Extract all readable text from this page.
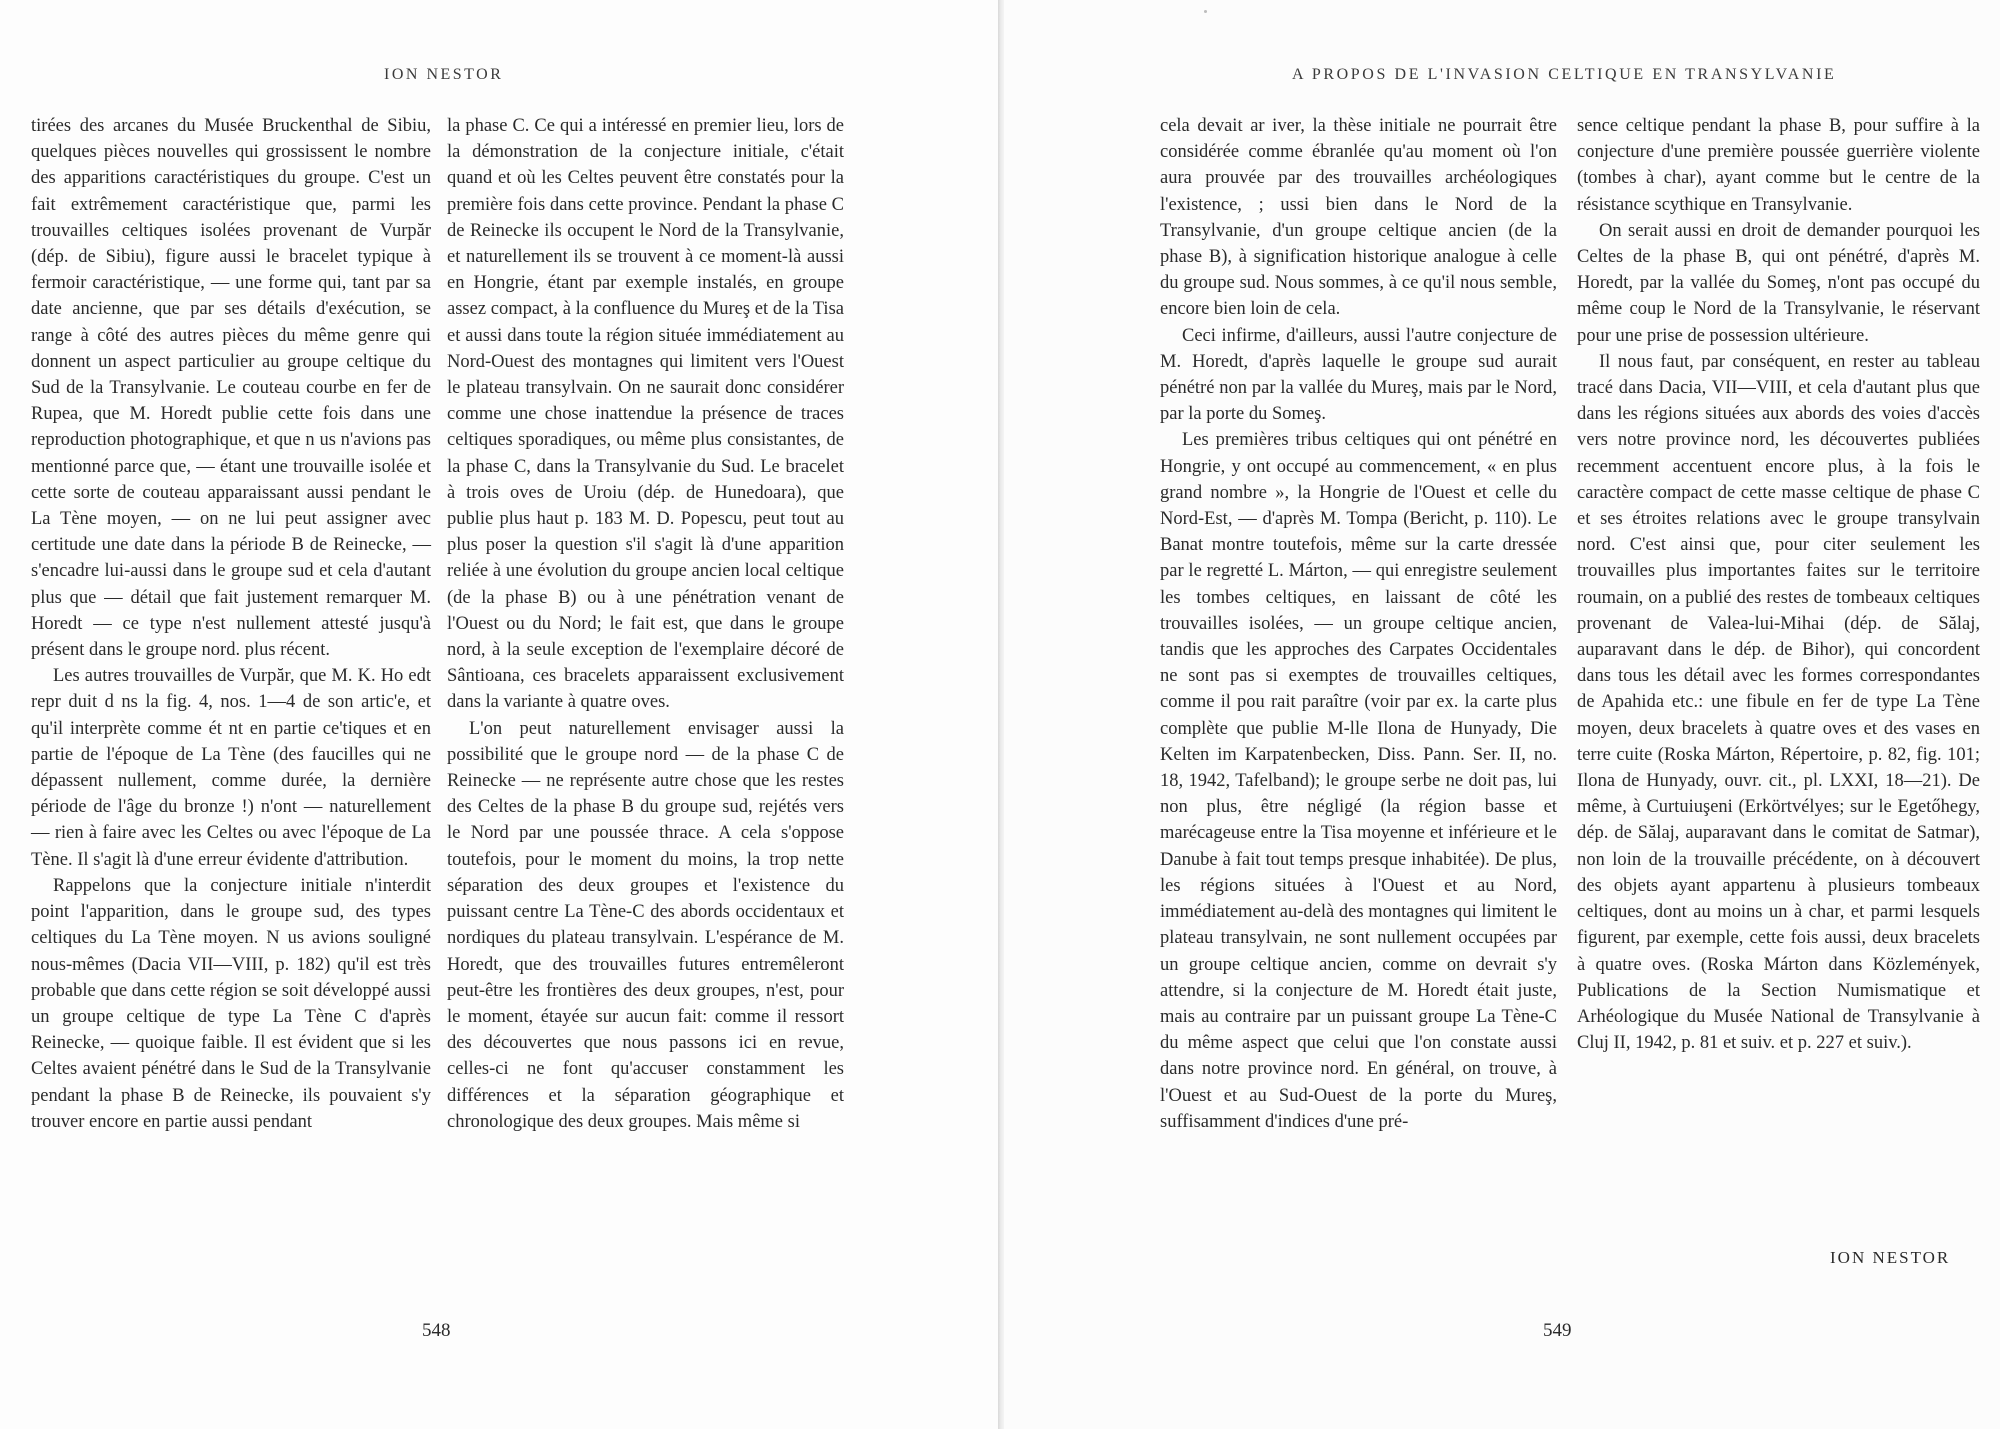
ION NESTOR

tirées des arcanes du Musée Bruckenthal de Sibiu, quelques pièces nouvelles qui grossissent le nombre des apparitions caractéristiques du groupe. C'est un fait extrêmement caractéristique que, parmi les trouvailles celtiques isolées provenant de Vurpăr (dép. de Sibiu), figure aussi le bracelet typique à fermoir caractéristique, — une forme qui, tant par sa date ancienne, que par ses détails d'exécution, se range à côté des autres pièces du même genre qui donnent un aspect particulier au groupe celtique du Sud de la Transylvanie. Le couteau courbe en fer de Rupea, que M. Horedt publie cette fois dans une reproduction photographique, et que n us n'avions pas mentionné parce que, — étant une trouvaille isolée et cette sorte de couteau apparaissant aussi pendant le La Tène moyen, — on ne lui peut assigner avec certitude une date dans la période B de Reinecke, — s'encadre lui-aussi dans le groupe sud et cela d'autant plus que — détail que fait justement remarquer M. Horedt — ce type n'est nullement attesté jusqu'à présent dans le groupe nord. plus récent.

Les autres trouvailles de Vurpăr, que M. K. Ho edt repr duit d ns la fig. 4, nos. 1—4 de son artic'e, et qu'il interprète comme ét nt en partie ce'tiques et en partie de l'époque de La Tène (des faucilles qui ne dépassent nullement, comme durée, la dernière période de l'âge du bronze !) n'ont — naturellement — rien à faire avec les Celtes ou avec l'époque de La Tène. Il s'agit là d'une erreur évidente d'attribution.

Rappelons que la conjecture initiale n'interdit point l'apparition, dans le groupe sud, des types celtiques du La Tène moyen. N us avions souligné nous-mêmes (Dacia VII—VIII, p. 182) qu'il est très probable que dans cette région se soit développé aussi un groupe celtique de type La Tène C d'après Reinecke, — quoique faible. Il est évident que si les Celtes avaient pénétré dans le Sud de la Transylvanie pendant la phase B de Reinecke, ils pouvaient s'y trouver encore en partie aussi pendant

la phase C. Ce qui a intéressé en premier lieu, lors de la démonstration de la conjecture initiale, c'était quand et où les Celtes peuvent être constatés pour la première fois dans cette province. Pendant la phase C de Reinecke ils occupent le Nord de la Transylvanie, et naturellement ils se trouvent à ce moment-là aussi en Hongrie, étant par exemple instalés, en groupe assez compact, à la confluence du Mureş et de la Tisa et aussi dans toute la région située immédiatement au Nord-Ouest des montagnes qui limitent vers l'Ouest le plateau transylvain. On ne saurait donc considérer comme une chose inattendue la présence de traces celtiques sporadiques, ou même plus consistantes, de la phase C, dans la Transylvanie du Sud. Le bracelet à trois oves de Uroiu (dép. de Hunedoara), que publie plus haut p. 183 M. D. Popescu, peut tout au plus poser la question s'il s'agit là d'une apparition reliée à une évolution du groupe ancien local celtique (de la phase B) ou à une pénétration venant de l'Ouest ou du Nord; le fait est, que dans le groupe nord, à la seule exception de l'exemplaire décoré de Sântioana, ces bracelets apparaissent exclusivement dans la variante à quatre oves.

L'on peut naturellement envisager aussi la possibilité que le groupe nord — de la phase C de Reinecke — ne représente autre chose que les restes des Celtes de la phase B du groupe sud, rejétés vers le Nord par une poussée thrace. A cela s'oppose toutefois, pour le moment du moins, la trop nette séparation des deux groupes et l'existence du puissant centre La Tène-C des abords occidentaux et nordiques du plateau transylvain. L'espérance de M. Horedt, que des trouvailles futures entremêleront peut-être les frontières des deux groupes, n'est, pour le moment, étayée sur aucun fait: comme il ressort des découvertes que nous passons ici en revue, celles-ci ne font qu'accuser constamment les différences et la séparation géographique et chronologique des deux groupes. Mais même si

548
A PROPOS DE L'INVASION CELTIQUE EN TRANSYLVANIE

cela devait ar iver, la thèse initiale ne pourrait être considérée comme ébranlée qu'au moment où l'on aura prouvée par des trouvailles archéologiques l'existence, ; ussi bien dans le Nord de la Transylvanie, d'un groupe celtique ancien (de la phase B), à signification historique analogue à celle du groupe sud. Nous sommes, à ce qu'il nous semble, encore bien loin de cela.

Ceci infirme, d'ailleurs, aussi l'autre conjecture de M. Horedt, d'après laquelle le groupe sud aurait pénétré non par la vallée du Mureş, mais par le Nord, par la porte du Someş.

Les premières tribus celtiques qui ont pénétré en Hongrie, y ont occupé au commencement, « en plus grand nombre », la Hongrie de l'Ouest et celle du Nord-Est, — d'après M. Tompa (Bericht, p. 110). Le Banat montre toutefois, même sur la carte dressée par le regretté L. Márton, — qui enregistre seulement les tombes celtiques, en laissant de côté les trouvailles isolées, — un groupe celtique ancien, tandis que les approches des Carpates Occidentales ne sont pas si exemptes de trouvailles celtiques, comme il pou rait paraître (voir par ex. la carte plus complète que publie M-lle Ilona de Hunyady, Die Kelten im Karpatenbecken, Diss. Pann. Ser. II, no. 18, 1942, Tafelband); le groupe serbe ne doit pas, lui non plus, être négligé (la région basse et marécageuse entre la Tisa moyenne et inférieure et le Danube à fait tout temps presque inhabitée). De plus, les régions situées à l'Ouest et au Nord, immédiatement au-delà des montagnes qui limitent le plateau transylvain, ne sont nullement occupées par un groupe celtique ancien, comme on devrait s'y attendre, si la conjecture de M. Horedt était juste, mais au contraire par un puissant groupe La Tène-C du même aspect que celui que l'on constate aussi dans notre province nord. En général, on trouve, à l'Ouest et au Sud-Ouest de la porte du Mureş, suffisamment d'indices d'une pré-

sence celtique pendant la phase B, pour suffire à la conjecture d'une première poussée guerrière violente (tombes à char), ayant comme but le centre de la résistance scythique en Transylvanie.

On serait aussi en droit de demander pourquoi les Celtes de la phase B, qui ont pénétré, d'après M. Horedt, par la vallée du Someş, n'ont pas occupé du même coup le Nord de la Transylvanie, le réservant pour une prise de possession ultérieure.

Il nous faut, par conséquent, en rester au tableau tracé dans Dacia, VII—VIII, et cela d'autant plus que dans les régions situées aux abords des voies d'accès vers notre province nord, les découvertes publiées recemment accentuent encore plus, à la fois le caractère compact de cette masse celtique de phase C et ses étroites relations avec le groupe transylvain nord. C'est ainsi que, pour citer seulement les trouvailles plus importantes faites sur le territoire roumain, on a publié des restes de tombeaux celtiques provenant de Valea-lui-Mihai (dép. de Sălaj, auparavant dans le dép. de Bihor), qui concordent dans tous les détail avec les formes correspondantes de Apahida etc.: une fibule en fer de type La Tène moyen, deux bracelets à quatre oves et des vases en terre cuite (Roska Márton, Répertoire, p. 82, fig. 101; Ilona de Hunyady, ouvr. cit., pl. LXXI, 18—21). De même, à Curtuiuşeni (Erkörtvélyes; sur le Egetőhegy, dép. de Sălaj, auparavant dans le comitat de Satmar), non loin de la trouvaille précédente, on à découvert des objets ayant appartenu à plusieurs tombeaux celtiques, dont au moins un à char, et parmi lesquels figurent, par exemple, cette fois aussi, deux bracelets à quatre oves. (Roska Márton dans Közlemények, Publications de la Section Numismatique et Arhéologique du Musée National de Transylvanie à Cluj II, 1942, p. 81 et suiv. et p. 227 et suiv.).

ION NESTOR
549
